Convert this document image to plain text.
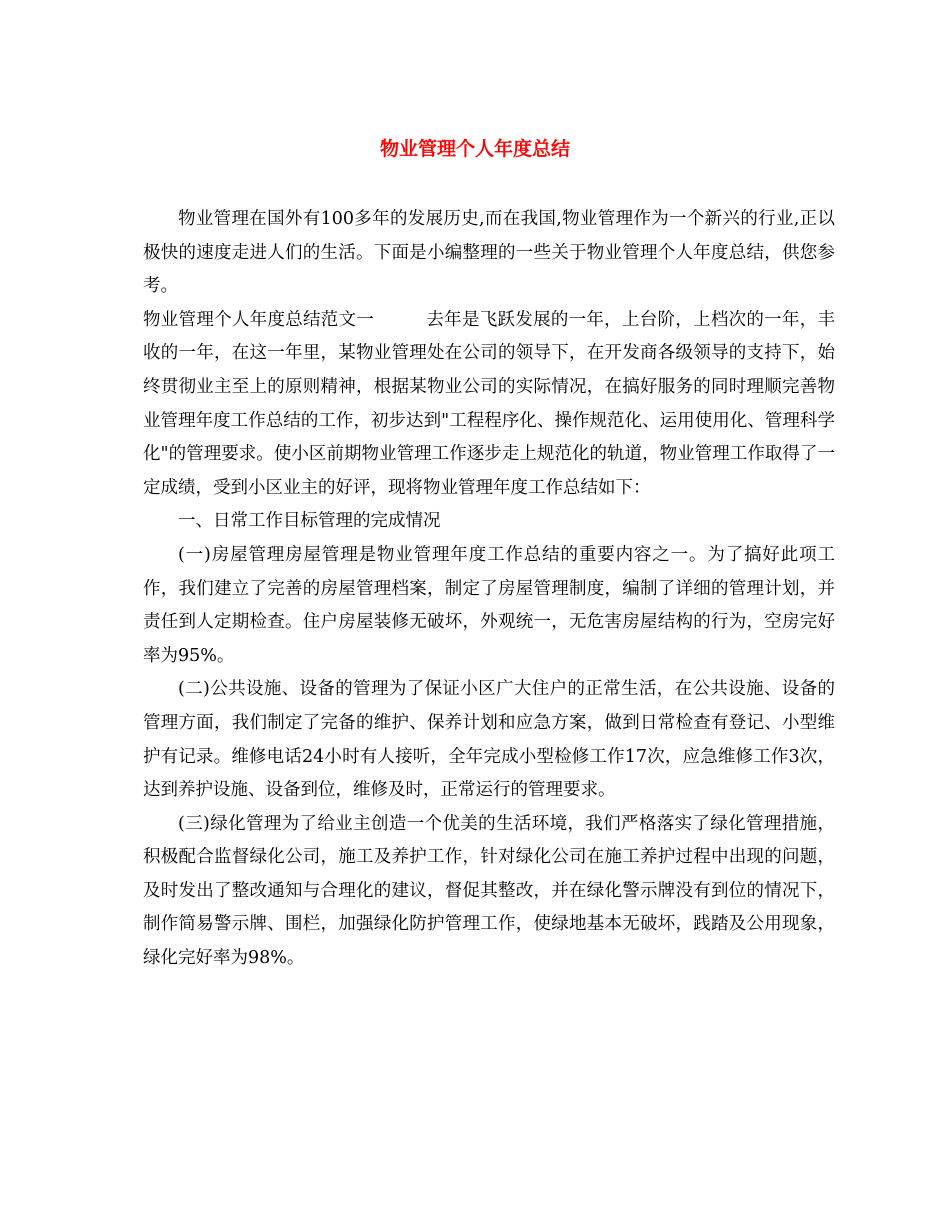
物业管理个人年度总结

物业管理在国外有100多年的发展历史,而在我国,物业管理作为一个新兴的行业,正以极快的速度走进人们的生活。下面是小编整理的一些关于物业管理个人年度总结，供您参考。

物业管理个人年度总结范文一	去年是飞跃发展的一年，上台阶，上档次的一年，丰收的一年，在这一年里，某物业管理处在公司的领导下，在开发商各级领导的支持下，始终贯彻业主至上的原则精神，根据某物业公司的实际情况，在搞好服务的同时理顺完善物业管理年度工作总结的工作，初步达到"工程程序化、操作规范化、运用使用化、管理科学化"的管理要求。使小区前期物业管理工作逐步走上规范化的轨道，物业管理工作取得了一定成绩，受到小区业主的好评，现将物业管理年度工作总结如下：

一、日常工作目标管理的完成情况

(一)房屋管理房屋管理是物业管理年度工作总结的重要内容之一。为了搞好此项工作，我们建立了完善的房屋管理档案，制定了房屋管理制度，编制了详细的管理计划，并责任到人定期检查。住户房屋装修无破坏，外观统一，无危害房屋结构的行为，空房完好率为95%。

(二)公共设施、设备的管理为了保证小区广大住户的正常生活，在公共设施、设备的管理方面，我们制定了完备的维护、保养计划和应急方案，做到日常检查有登记、小型维护有记录。维修电话24小时有人接听，全年完成小型检修工作17次，应急维修工作3次，达到养护设施、设备到位，维修及时，正常运行的管理要求。

(三)绿化管理为了给业主创造一个优美的生活环境，我们严格落实了绿化管理措施，积极配合监督绿化公司，施工及养护工作，针对绿化公司在施工养护过程中出现的问题，及时发出了整改通知与合理化的建议，督促其整改，并在绿化警示牌没有到位的情况下，制作简易警示牌、围栏，加强绿化防护管理工作，使绿地基本无破坏，践踏及公用现象，绿化完好率为98%。
